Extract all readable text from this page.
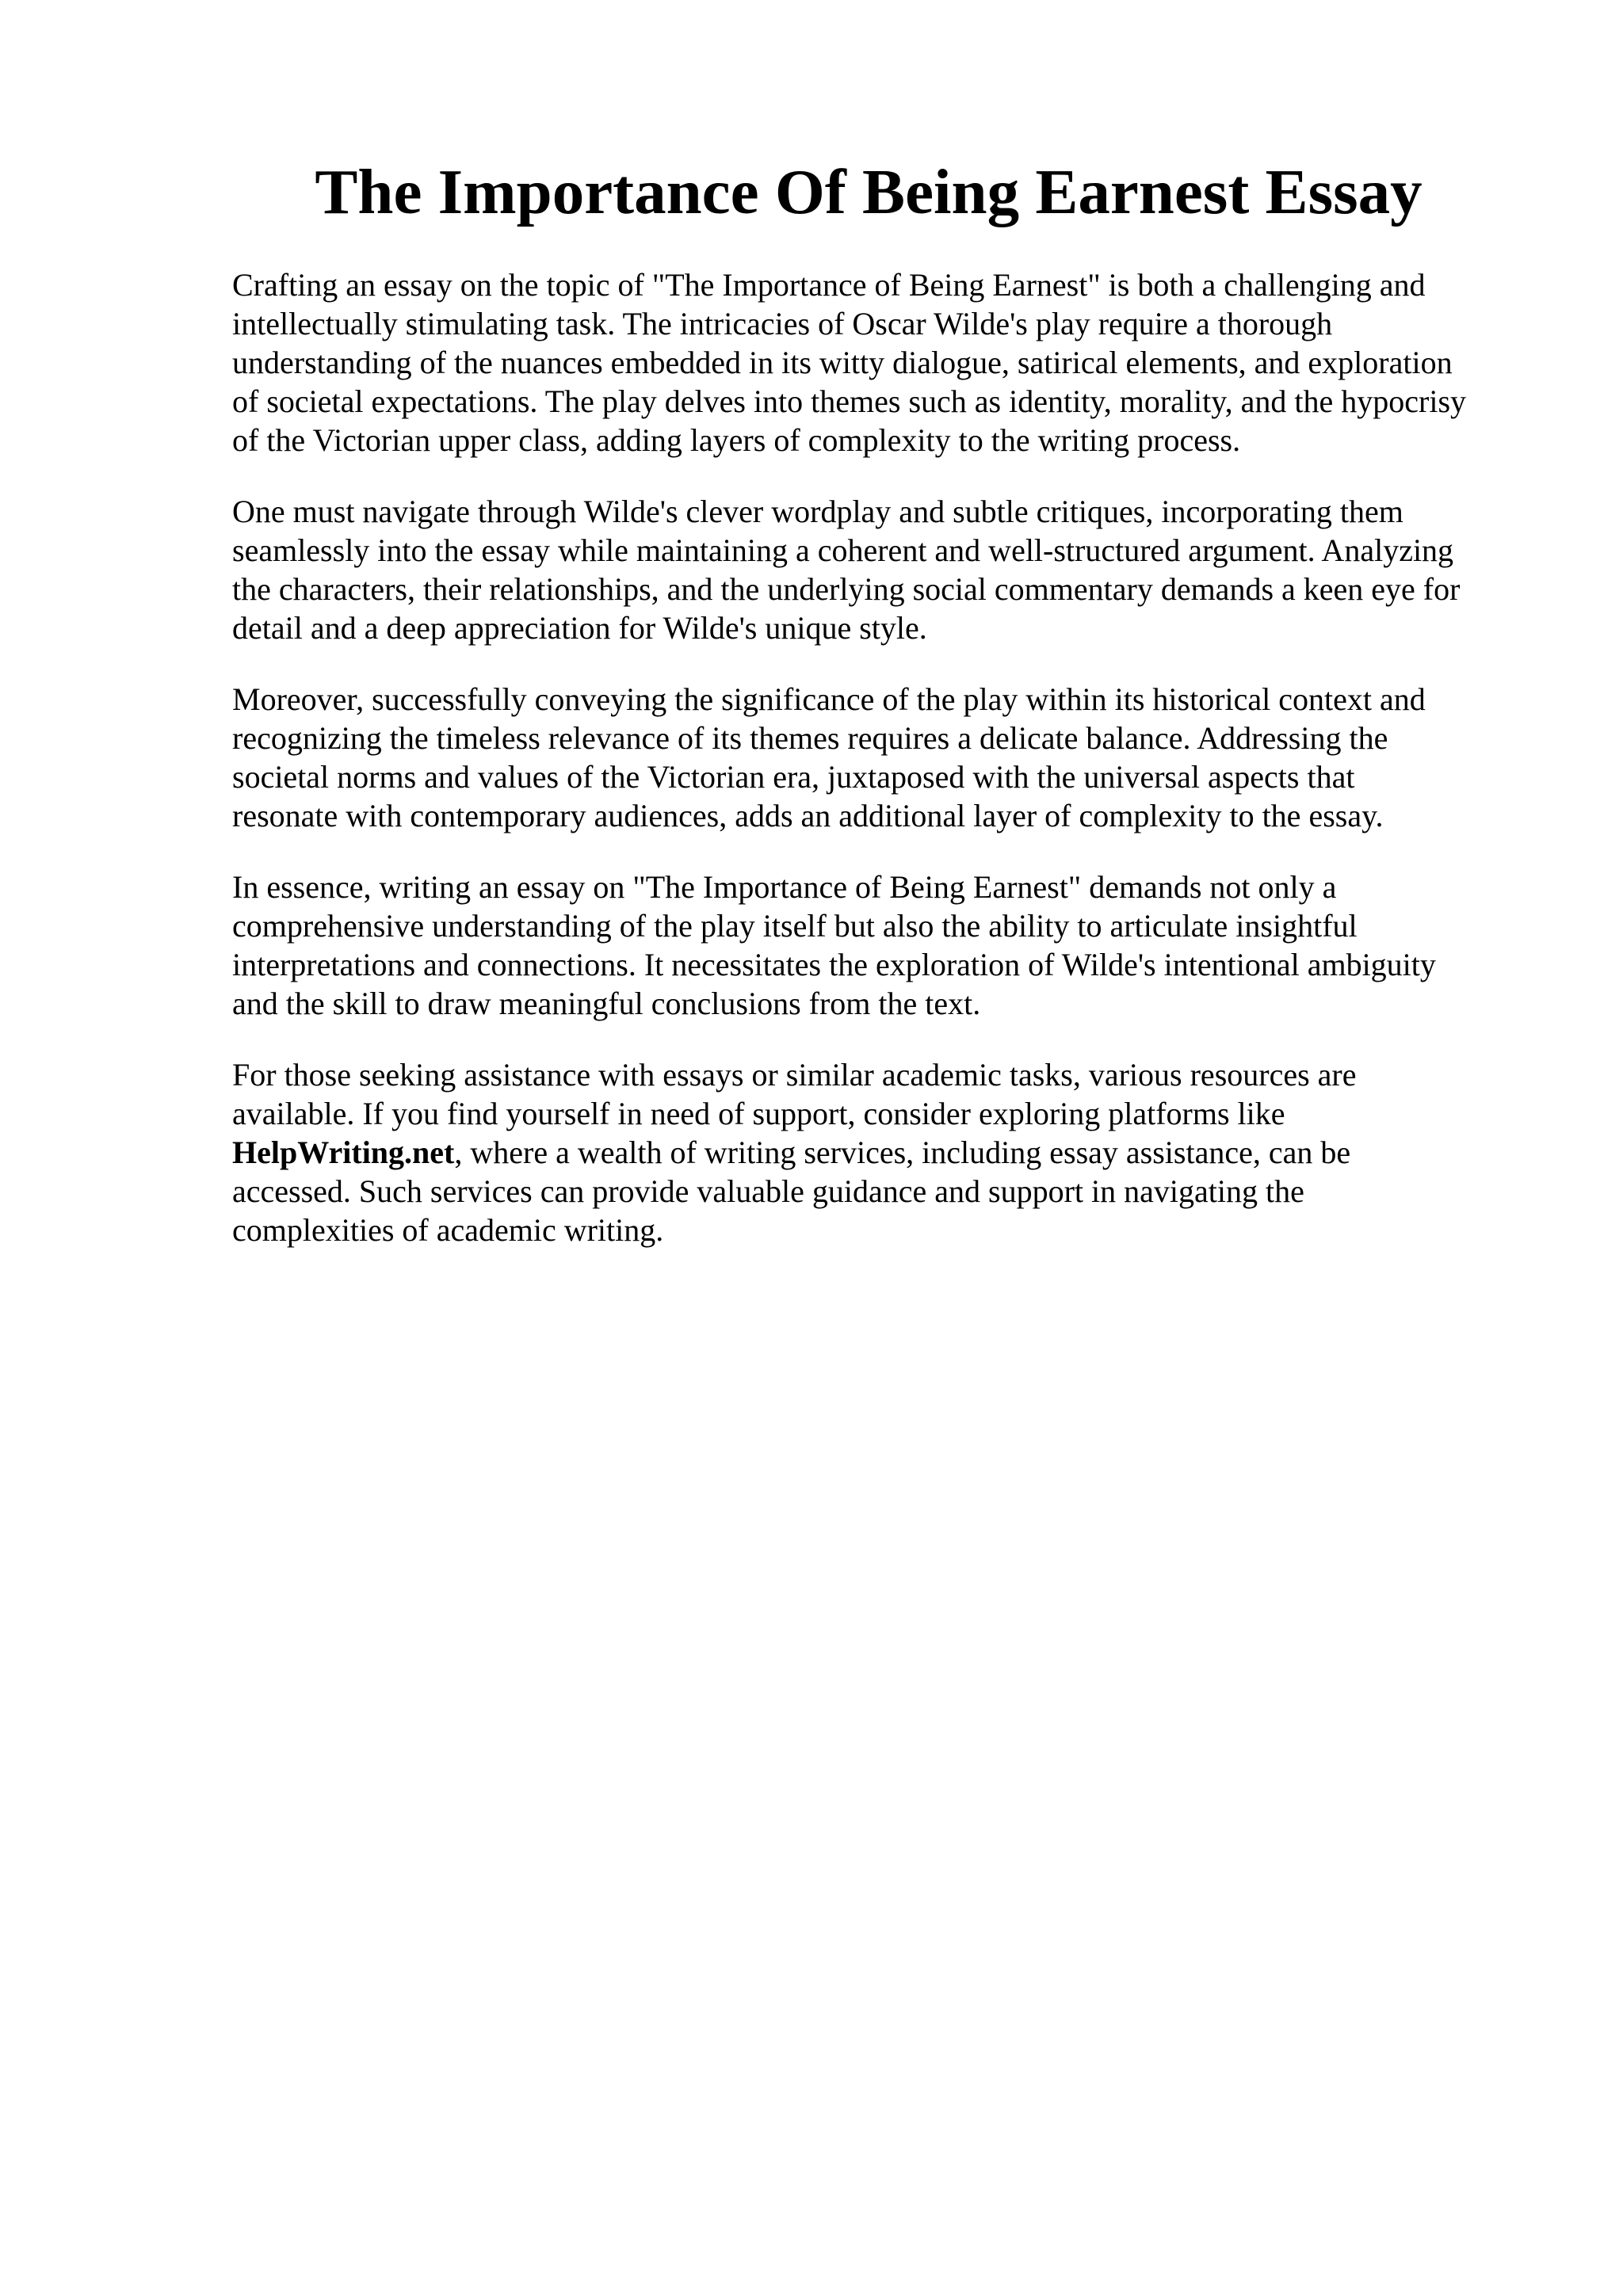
The Importance Of Being Earnest Essay

Crafting an essay on the topic of "The Importance of Being Earnest" is both a challenging and
intellectually stimulating task. The intricacies of Oscar Wilde's play require a thorough
understanding of the nuances embedded in its witty dialogue, satirical elements, and exploration
of societal expectations. The play delves into themes such as identity, morality, and the hypocrisy
of the Victorian upper class, adding layers of complexity to the writing process.

One must navigate through Wilde's clever wordplay and subtle critiques, incorporating them
seamlessly into the essay while maintaining a coherent and well-structured argument. Analyzing
the characters, their relationships, and the underlying social commentary demands a keen eye for
detail and a deep appreciation for Wilde's unique style.

Moreover, successfully conveying the significance of the play within its historical context and
recognizing the timeless relevance of its themes requires a delicate balance. Addressing the
societal norms and values of the Victorian era, juxtaposed with the universal aspects that
resonate with contemporary audiences, adds an additional layer of complexity to the essay.

In essence, writing an essay on "The Importance of Being Earnest" demands not only a
comprehensive understanding of the play itself but also the ability to articulate insightful
interpretations and connections. It necessitates the exploration of Wilde's intentional ambiguity
and the skill to draw meaningful conclusions from the text.

For those seeking assistance with essays or similar academic tasks, various resources are
available. If you find yourself in need of support, consider exploring platforms like
HelpWriting.net, where a wealth of writing services, including essay assistance, can be
accessed. Such services can provide valuable guidance and support in navigating the
complexities of academic writing.
